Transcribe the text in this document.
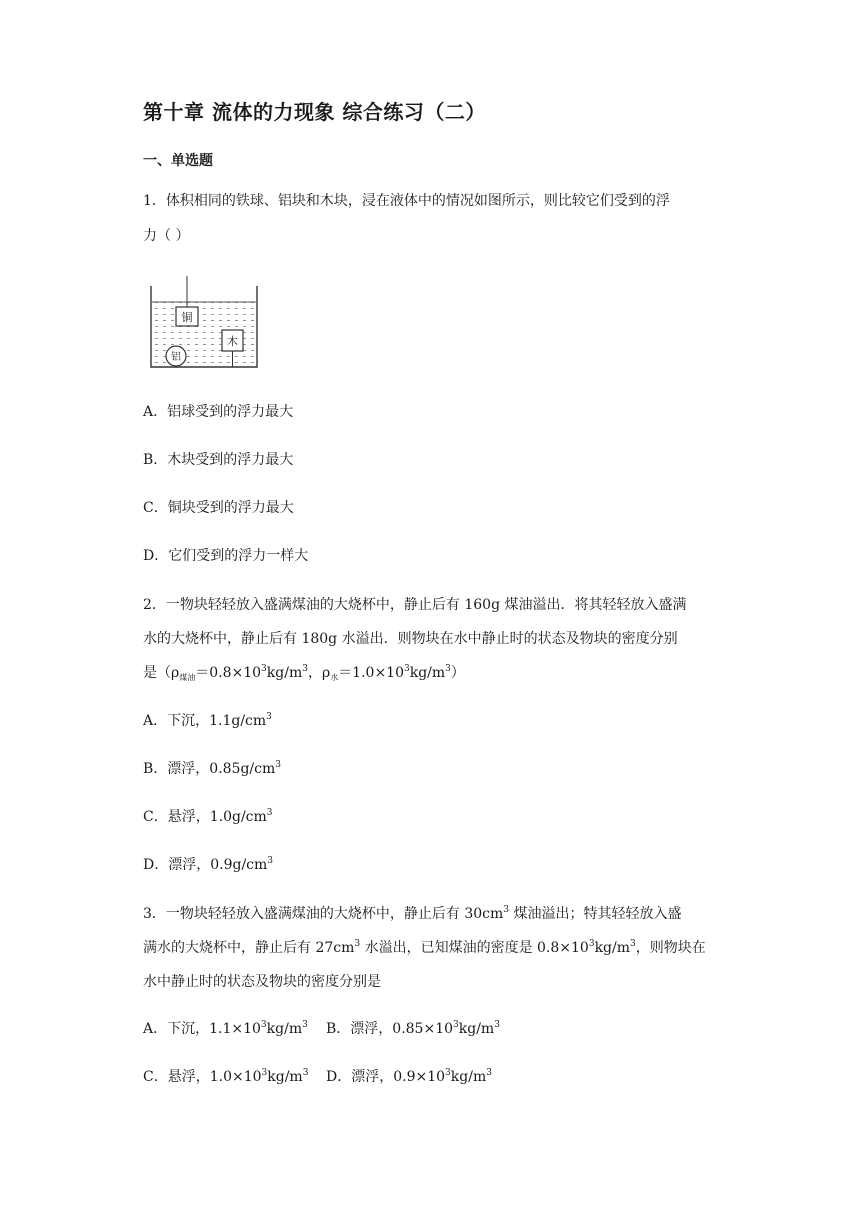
第十章 流体的力现象 综合练习（二）
一、单选题
1．体积相同的铁球、铝块和木块，浸在液体中的情况如图所示，则比较它们受到的浮
力（ ）
铜
木
铝
A．铝球受到的浮力最大
B．木块受到的浮力最大
C．铜块受到的浮力最大
D．它们受到的浮力一样大
2．一物块轻轻放入盛满煤油的大烧杯中，静止后有 160g 煤油溢出．将其轻轻放入盛满
水的大烧杯中，静止后有 180g 水溢出．则物块在水中静止时的状态及物块的密度分别
是（$\rho_{煤油}=0.8\times 10^3kg/m^3$，$\rho_水=1.0\times 10^3kg/m^3$）
A．下沉，$1.1g/cm^3$
B．漂浮，$0.85g/cm^3$
C．悬浮，$1.0g/cm^3$
D．漂浮，$0.9g/cm^3$
3．一物块轻轻放入盛满煤油的大烧杯中，静止后有 $30cm^3$ 煤油溢出；特其轻轻放入盛
满水的大烧杯中，静止后有 $27cm^3$ 水溢出，已知煤油的密度是 $0.8\times 10^3kg/m^3$，则物块在
水中静止时的状态及物块的密度分别是
A．下沉，$1.1\times 10^3kg/m^3$ B．漂浮，$0.85\times 10^3kg/m^3$
C．悬浮，$1.0\times 10^3kg/m^3$ D．漂浮，$0.9\times 10^3kg/m^3$
